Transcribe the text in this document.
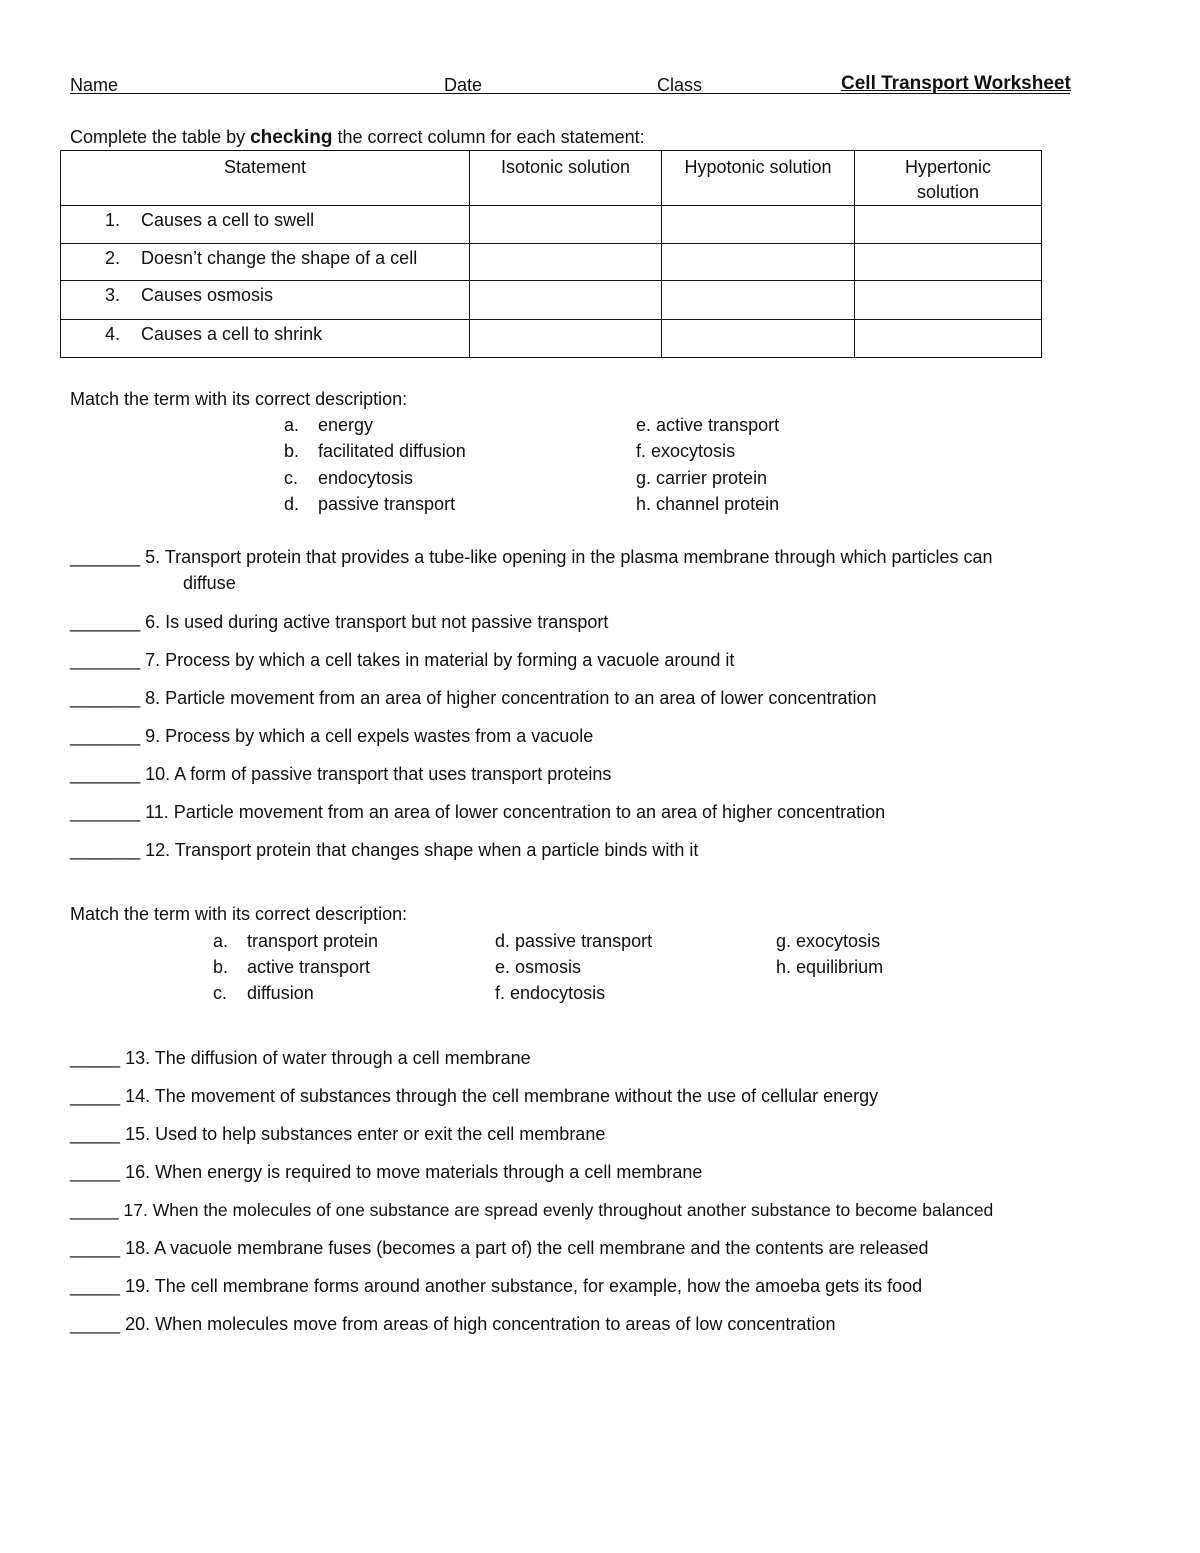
Name	Date	Class	Cell Transport Worksheet
Complete the table by checking the correct column for each statement:
Statement	Isotonic solution	Hypotonic solution	Hypertonic solution

1. Causes a cell to swell			

2. Doesn’t change the shape of a cell			

3. Causes osmosis			

4. Causes a cell to shrink			

Match the term with its correct description:
a. energy
b. facilitated diffusion
c. endocytosis
d. passive transport
e. active transport
f. exocytosis
g. carrier protein
h. channel protein
_______ 5. Transport protein that provides a tube-like opening in the plasma membrane through which particles can
diffuse
_______ 6. Is used during active transport but not passive transport
_______ 7. Process by which a cell takes in material by forming a vacuole around it
_______ 8. Particle movement from an area of higher concentration to an area of lower concentration
_______ 9. Process by which a cell expels wastes from a vacuole
_______ 10. A form of passive transport that uses transport proteins
_______ 11. Particle movement from an area of lower concentration to an area of higher concentration
_______ 12. Transport protein that changes shape when a particle binds with it
Match the term with its correct description:
a. transport protein
b. active transport
c. diffusion
d. passive transport
e. osmosis
f. endocytosis
g. exocytosis
h. equilibrium
_____ 13. The diffusion of water through a cell membrane
_____ 14. The movement of substances through the cell membrane without the use of cellular energy
_____ 15. Used to help substances enter or exit the cell membrane
_____ 16. When energy is required to move materials through a cell membrane
_____ 17. When the molecules of one substance are spread evenly throughout another substance to become balanced
_____ 18. A vacuole membrane fuses (becomes a part of) the cell membrane and the contents are released
_____ 19. The cell membrane forms around another substance, for example, how the amoeba gets its food
_____ 20. When molecules move from areas of high concentration to areas of low concentration
